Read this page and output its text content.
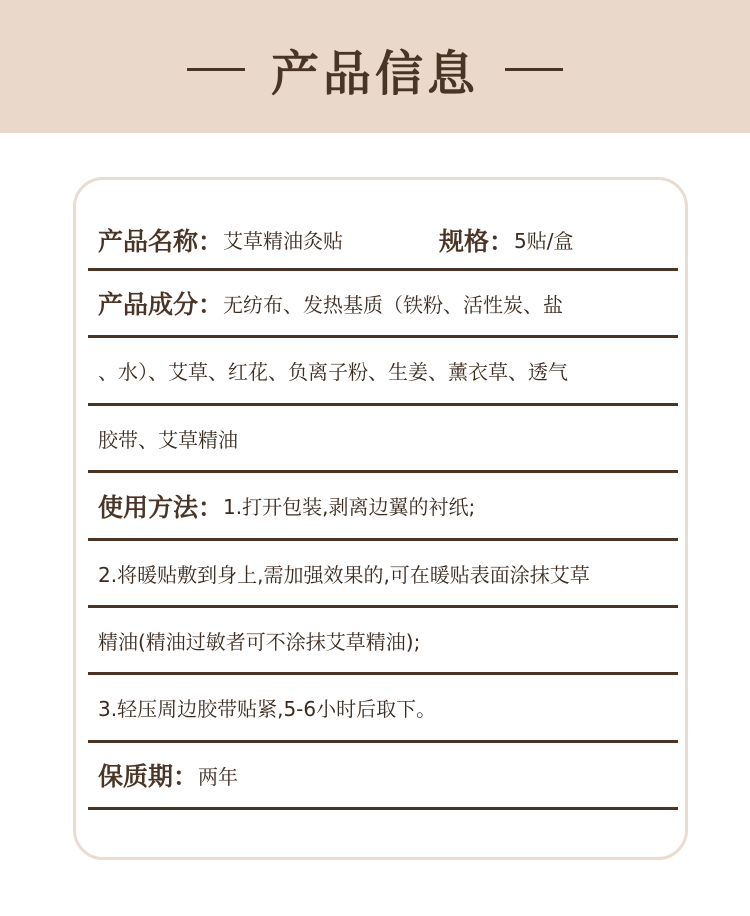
产品信息
产品名称： 艾草精油灸贴	规格： 5贴/盒
产品成分： 无纺布、发热基质（铁粉、活性炭、盐
、水）、艾草、红花、负离子粉、生姜、薰衣草、透气
胶带、艾草精油
使用方法： 1.打开包装,剥离边翼的衬纸;
2.将暖贴敷到身上,需加强效果的,可在暖贴表面涂抹艾草
精油(精油过敏者可不涂抹艾草精油);
3.轻压周边胶带贴紧,5-6小时后取下。
保质期： 两年
